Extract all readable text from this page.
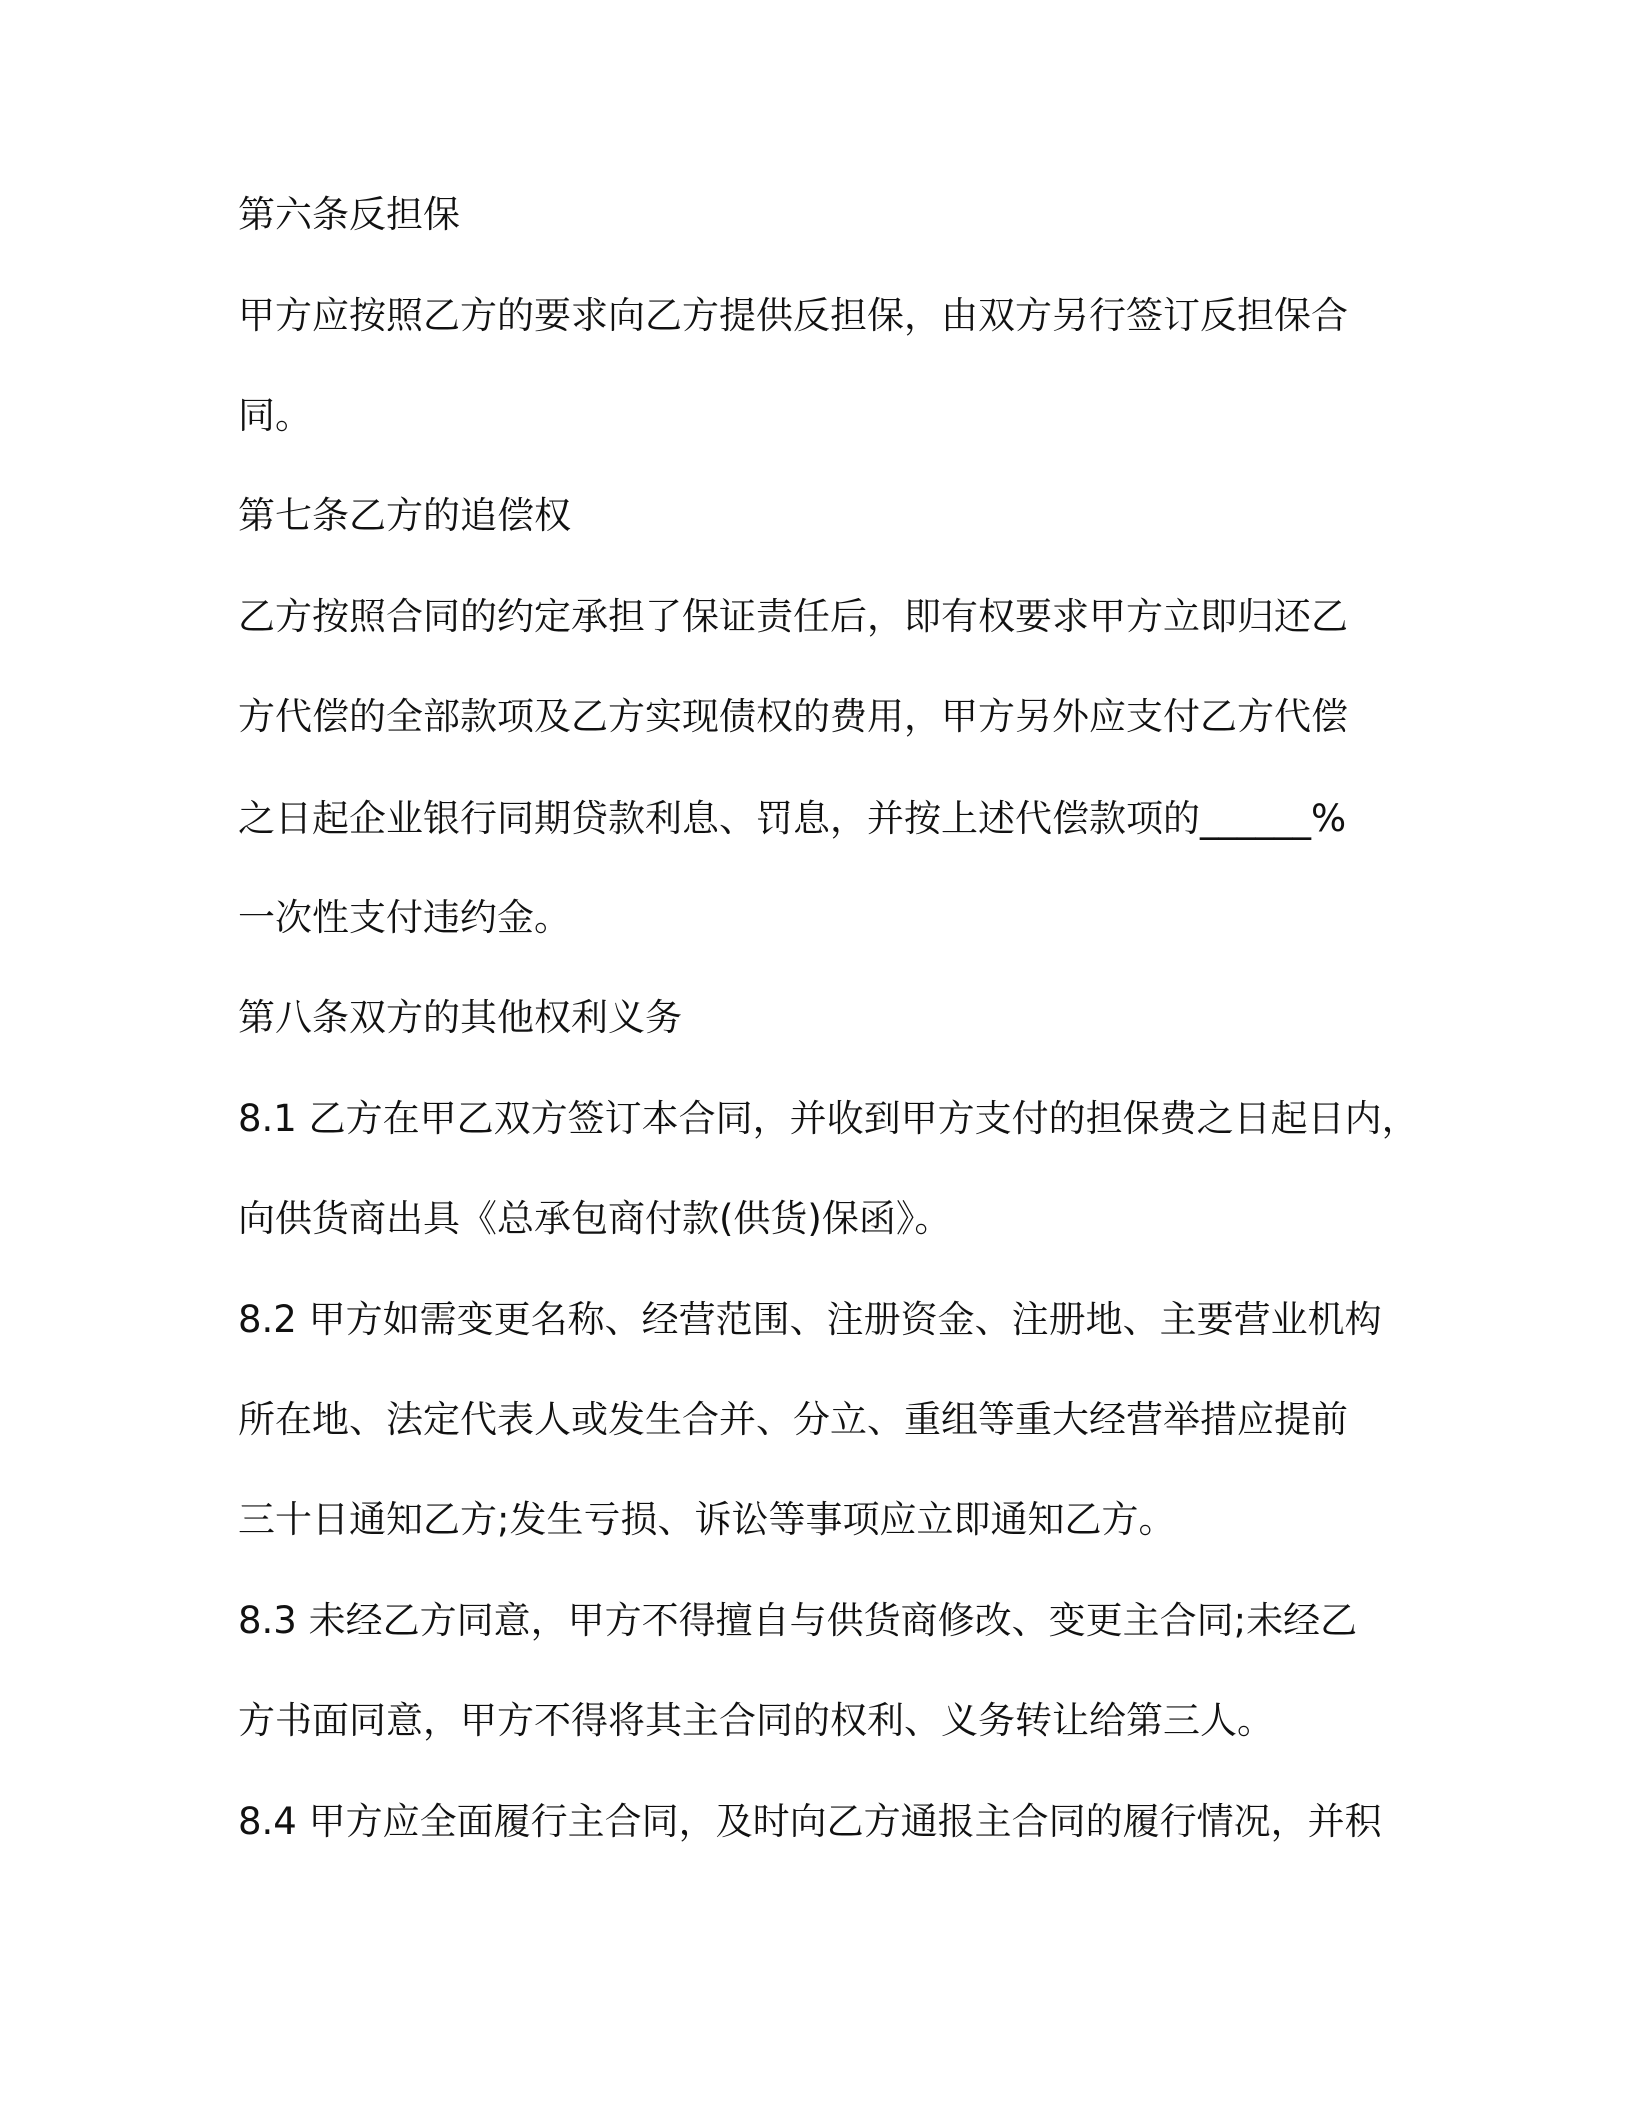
第六条反担保
甲方应按照乙方的要求向乙方提供反担保，由双方另行签订反担保合
同。
第七条乙方的追偿权
乙方按照合同的约定承担了保证责任后，即有权要求甲方立即归还乙
方代偿的全部款项及乙方实现债权的费用，甲方另外应支付乙方代偿
之日起企业银行同期贷款利息、罚息，并按上述代偿款项的______%
一次性支付违约金。
第八条双方的其他权利义务
8.1 乙方在甲乙双方签订本合同，并收到甲方支付的担保费之日起日内，
向供货商出具《总承包商付款(供货)保函》。
8.2 甲方如需变更名称、经营范围、注册资金、注册地、主要营业机构
所在地、法定代表人或发生合并、分立、重组等重大经营举措应提前
三十日通知乙方;发生亏损、诉讼等事项应立即通知乙方。
8.3 未经乙方同意，甲方不得擅自与供货商修改、变更主合同;未经乙
方书面同意，甲方不得将其主合同的权利、义务转让给第三人。
8.4 甲方应全面履行主合同，及时向乙方通报主合同的履行情况，并积
